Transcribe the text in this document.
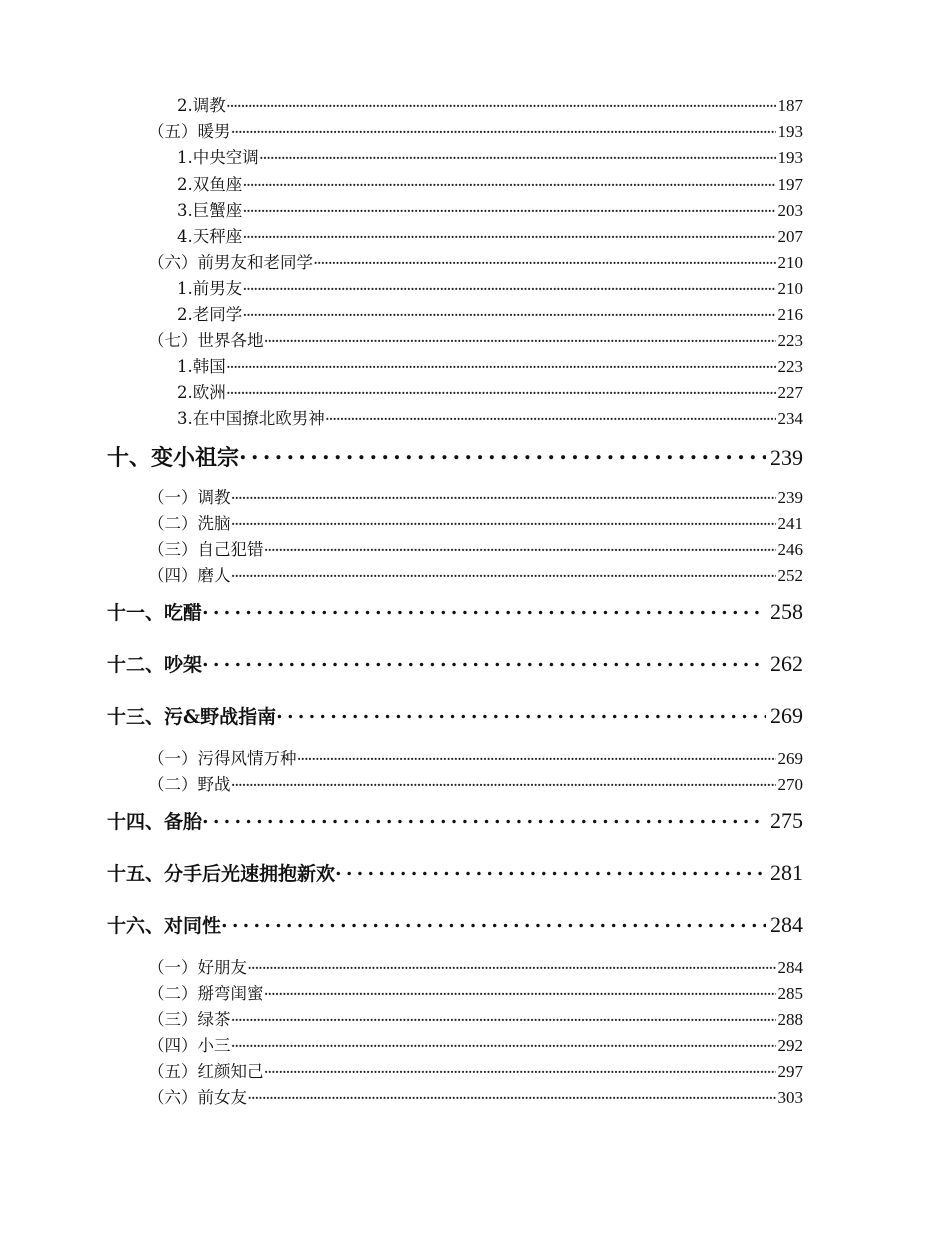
2.调教 .....	187
（五）暖男 .....	193
1.中央空调 .....	193
2.双鱼座 .....	197
3.巨蟹座 .....	203
4.天秤座 .....	207
（六）前男友和老同学 .....	210
1.前男友 .....	210
2.老同学 .....	216
（七）世界各地 .....	223
1.韩国 .....	223
2.欧洲 .....	227
3.在中国撩北欧男神 .....	234
十、变小祖宗 .....	239
（一）调教 .....	239
（二）洗脑 .....	241
（三）自己犯错 .....	246
（四）磨人 .....	252
十一、吃醋 .....	258
十二、吵架 .....	262
十三、污&野战指南 .....	269
（一）污得风情万种 .....	269
（二）野战 .....	270
十四、备胎 .....	275
十五、分手后光速拥抱新欢 .....	281
十六、对同性 .....	284
（一）好朋友 .....	284
（二）掰弯闺蜜 .....	285
（三）绿茶 .....	288
（四）小三 .....	292
（五）红颜知己 .....	297
（六）前女友 .....	303
